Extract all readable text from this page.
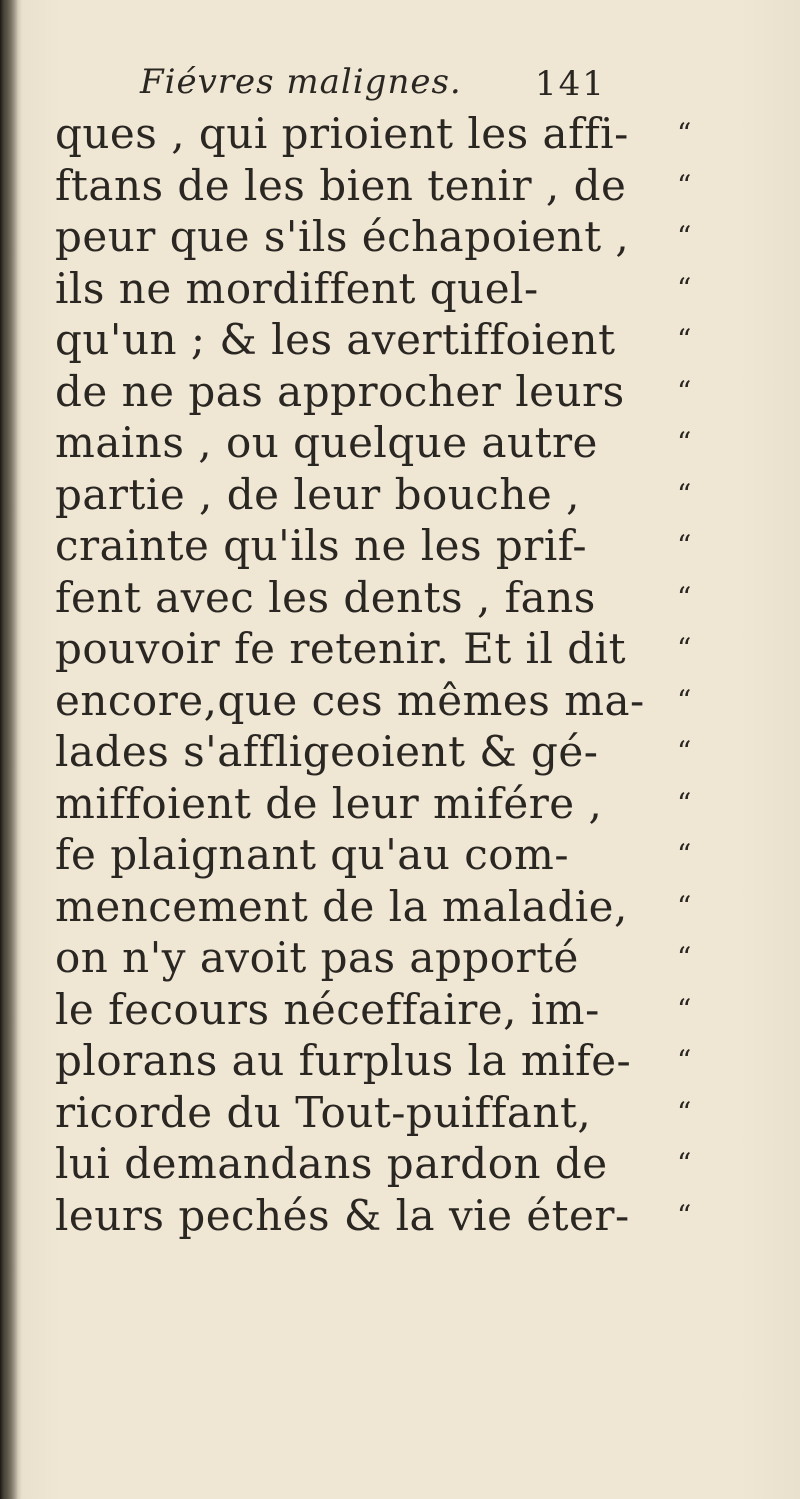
Fiévres malignes. 141
ques , qui prioient les affi-
ftans de les bien tenir , de
peur que s'ils échapoient ,
ils ne mordiffent quel-
qu'un ; & les avertiffoient
de ne pas approcher leurs
mains , ou quelque autre
partie , de leur bouche ,
crainte qu'ils ne les prif-
fent avec les dents , fans
pouvoir fe retenir. Et il dit
encore,que ces mêmes ma-
lades s'affligeoient & gé-
miffoient de leur mifére ,
fe plaignant qu'au com-
mencement de la maladie,
on n'y avoit pas apporté
le fecours néceffaire, im-
plorans au furplus la mife-
ricorde du Tout-puiffant,
lui demandans pardon de
leurs pechés & la vie éter-
“
“
“
“
“
“
“
“
“
“
“
“
“
“
“
“
“
“
“
“
“
“
